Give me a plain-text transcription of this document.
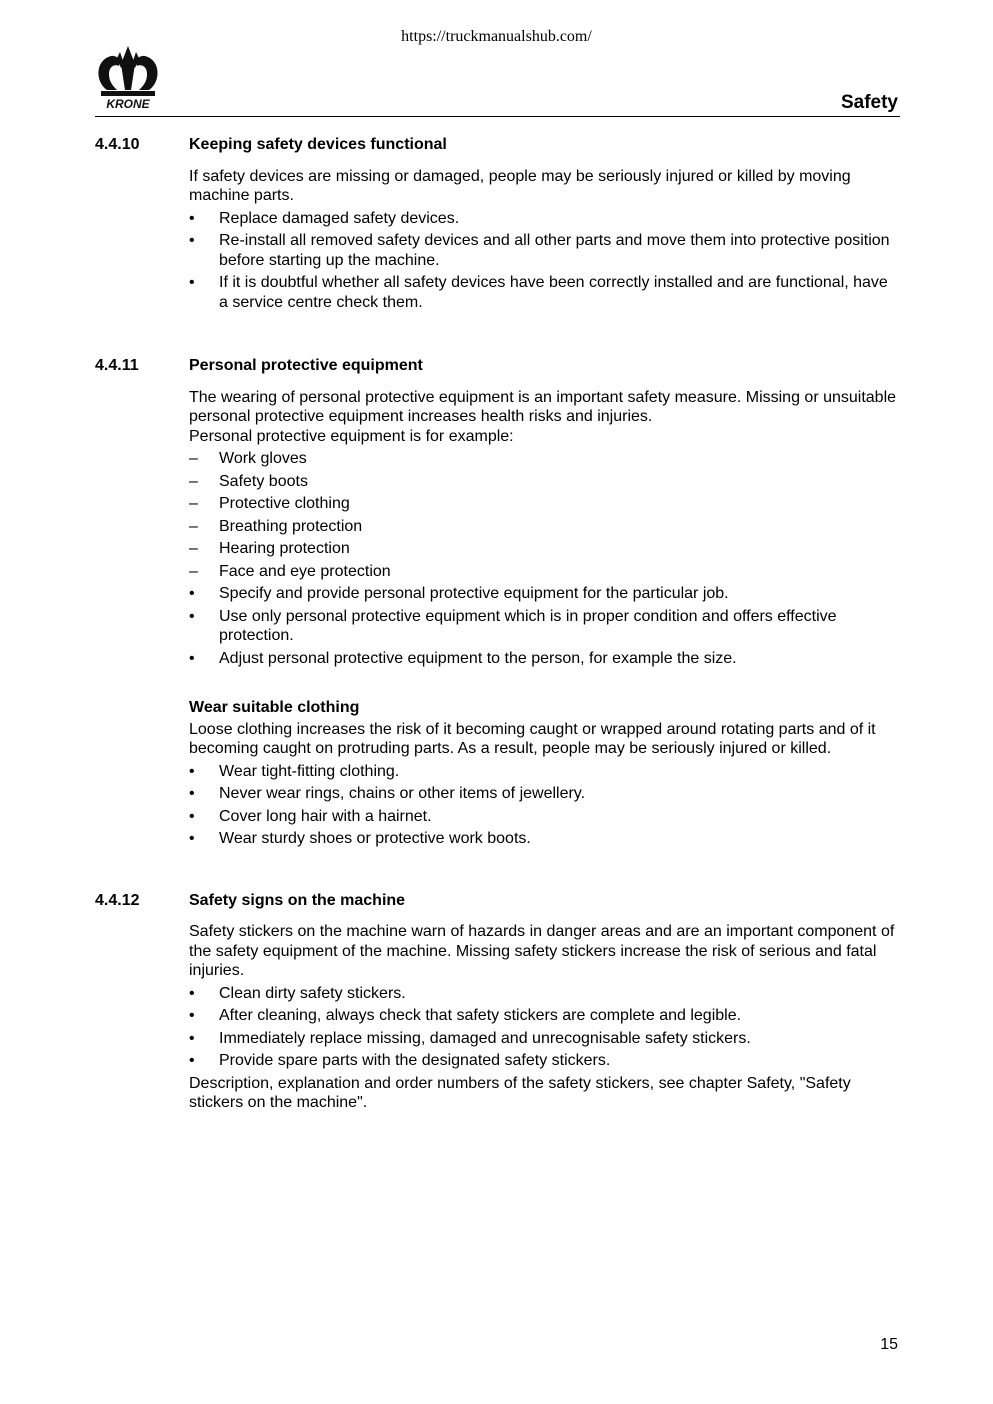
https://truckmanualshub.com/
KRONE	Safety
4.4.10	Keeping safety devices functional

If safety devices are missing or damaged, people may be seriously injured or killed by moving machine parts.

•	Replace damaged safety devices.
•	Re-install all removed safety devices and all other parts and move them into protective position before starting up the machine.
•	If it is doubtful whether all safety devices have been correctly installed and are functional, have a service centre check them.
4.4.11	Personal protective equipment

The wearing of personal protective equipment is an important safety measure. Missing or unsuitable personal protective equipment increases health risks and injuries.

Personal protective equipment is for example:

–	Work gloves
–	Safety boots
–	Protective clothing
–	Breathing protection
–	Hearing protection
–	Face and eye protection
•	Specify and provide personal protective equipment for the particular job.
•	Use only personal protective equipment which is in proper condition and offers effective protection.
•	Adjust personal protective equipment to the person, for example the size.
Wear suitable clothing

Loose clothing increases the risk of it becoming caught or wrapped around rotating parts and of it becoming caught on protruding parts. As a result, people may be seriously injured or killed.

•	Wear tight-fitting clothing.
•	Never wear rings, chains or other items of jewellery.
•	Cover long hair with a hairnet.
•	Wear sturdy shoes or protective work boots.
4.4.12	Safety signs on the machine

Safety stickers on the machine warn of hazards in danger areas and are an important component of the safety equipment of the machine. Missing safety stickers increase the risk of serious and fatal injuries.

•	Clean dirty safety stickers.
•	After cleaning, always check that safety stickers are complete and legible.
•	Immediately replace missing, damaged and unrecognisable safety stickers.
•	Provide spare parts with the designated safety stickers.

Description, explanation and order numbers of the safety stickers, see chapter Safety, "Safety stickers on the machine".

15
